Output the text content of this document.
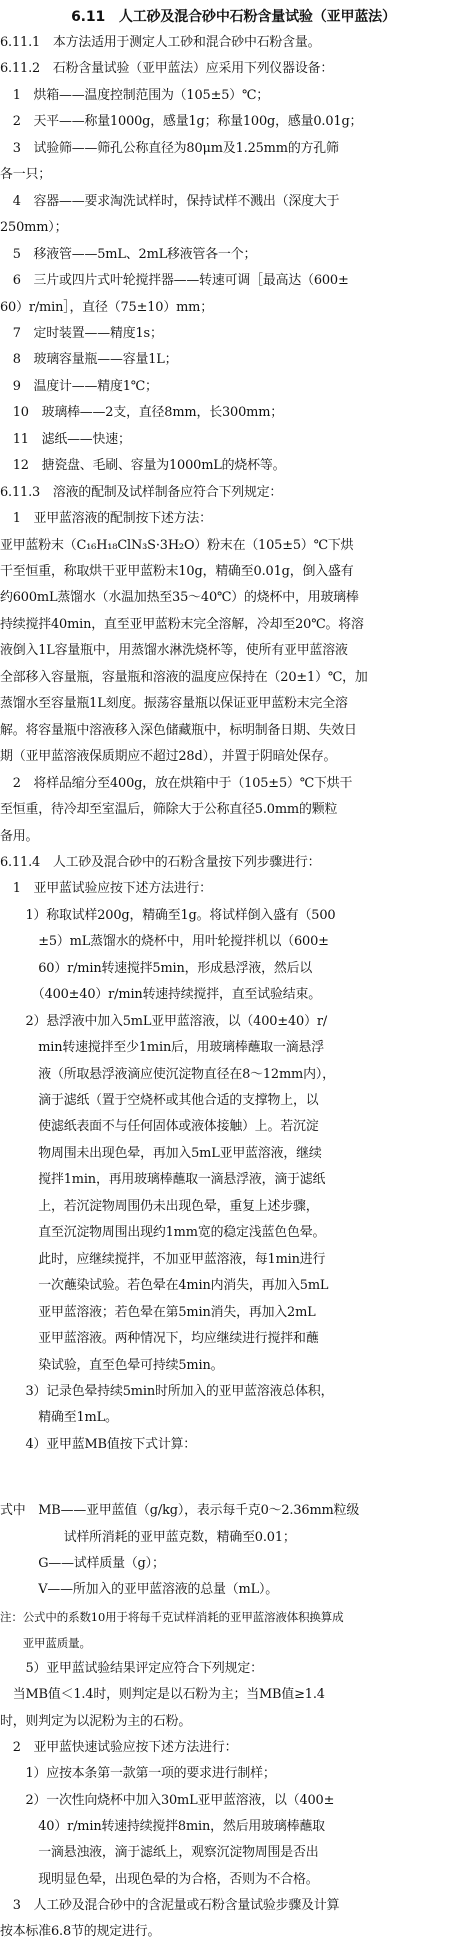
6.11　人工砂及混合砂中石粉含量试验（亚甲蓝法）
6.11.1　本方法适用于测定人工砂和混合砂中石粉含量。
6.11.2　石粉含量试验（亚甲蓝法）应采用下列仪器设备：
　1　烘箱——温度控制范围为（105±5）℃；
　2　天平——称量1000g，感量1g；称量100g，感量0.01g；
　3　试验筛——筛孔公称直径为80μm及1.25mm的方孔筛
各一只；
　4　容器——要求淘洗试样时，保持试样不溅出（深度大于
250mm）；
　5　移液管——5mL、2mL移液管各一个；
　6　三片或四片式叶轮搅拌器——转速可调［最高达（600±
60）r/min］，直径（75±10）mm；
　7　定时装置——精度1s；
　8　玻璃容量瓶——容量1L；
　9　温度计——精度1℃；
　10　玻璃棒——2支，直径8mm，长300mm；
　11　滤纸——快速；
　12　搪瓷盘、毛刷、容量为1000mL的烧杯等。
6.11.3　溶液的配制及试样制备应符合下列规定：
　1　亚甲蓝溶液的配制按下述方法：
亚甲蓝粉末（C₁₆H₁₈ClN₃S·3H₂O）粉末在（105±5）℃下烘
干至恒重，称取烘干亚甲蓝粉末10g，精确至0.01g，倒入盛有
约600mL蒸馏水（水温加热至35～40℃）的烧杯中，用玻璃棒
持续搅拌40min，直至亚甲蓝粉末完全溶解，冷却至20℃。将溶
液倒入1L容量瓶中，用蒸馏水淋洗烧杯等，使所有亚甲蓝溶液
全部移入容量瓶，容量瓶和溶液的温度应保持在（20±1）℃，加
蒸馏水至容量瓶1L刻度。振荡容量瓶以保证亚甲蓝粉末完全溶
解。将容量瓶中溶液移入深色储藏瓶中，标明制备日期、失效日
期（亚甲蓝溶液保质期应不超过28d），并置于阴暗处保存。
　2　将样品缩分至400g，放在烘箱中于（105±5）℃下烘干
至恒重，待冷却至室温后，筛除大于公称直径5.0mm的颗粒
备用。
6.11.4　人工砂及混合砂中的石粉含量按下列步骤进行：
　1　亚甲蓝试验应按下述方法进行：
　　1）称取试样200g，精确至1g。将试样倒入盛有（500
　　　±5）mL蒸馏水的烧杯中，用叶轮搅拌机以（600±
　　　60）r/min转速搅拌5min，形成悬浮液，然后以
　　　（400±40）r/min转速持续搅拌，直至试验结束。
　　2）悬浮液中加入5mL亚甲蓝溶液，以（400±40）r/
　　　min转速搅拌至少1min后，用玻璃棒蘸取一滴悬浮
　　　液（所取悬浮液滴应使沉淀物直径在8～12mm内），
　　　滴于滤纸（置于空烧杯或其他合适的支撑物上，以
　　　使滤纸表面不与任何固体或液体接触）上。若沉淀
　　　物周围未出现色晕，再加入5mL亚甲蓝溶液，继续
　　　搅拌1min，再用玻璃棒蘸取一滴悬浮液，滴于滤纸
　　　上，若沉淀物周围仍未出现色晕，重复上述步骤，
　　　直至沉淀物周围出现约1mm宽的稳定浅蓝色色晕。
　　　此时，应继续搅拌，不加亚甲蓝溶液，每1min进行
　　　一次蘸染试验。若色晕在4min内消失，再加入5mL
　　　亚甲蓝溶液；若色晕在第5min消失，再加入2mL
　　　亚甲蓝溶液。两种情况下，均应继续进行搅拌和蘸
　　　染试验，直至色晕可持续5min。
　　3）记录色晕持续5min时所加入的亚甲蓝溶液总体积，
　　　精确至1mL。
　　4）亚甲蓝MB值按下式计算：

式中　MB——亚甲蓝值（g/kg），表示每千克0～2.36mm粒级
　　　　　试样所消耗的亚甲蓝克数，精确至0.01；
　　　G——试样质量（g）；
　　　V——所加入的亚甲蓝溶液的总量（mL）。
注：公式中的系数10用于将每千克试样消耗的亚甲蓝溶液体积换算成
　　亚甲蓝质量。
　　5）亚甲蓝试验结果评定应符合下列规定：
　当MB值＜1.4时，则判定是以石粉为主；当MB值≥1.4
时，则判定为以泥粉为主的石粉。
　2　亚甲蓝快速试验应按下述方法进行：
　　1）应按本条第一款第一项的要求进行制样；
　　2）一次性向烧杯中加入30mL亚甲蓝溶液，以（400±
　　　40）r/min转速持续搅拌8min，然后用玻璃棒蘸取
　　　一滴悬浊液，滴于滤纸上，观察沉淀物周围是否出
　　　现明显色晕，出现色晕的为合格，否则为不合格。
　3　人工砂及混合砂中的含泥量或石粉含量试验步骤及计算
按本标准6.8节的规定进行。
